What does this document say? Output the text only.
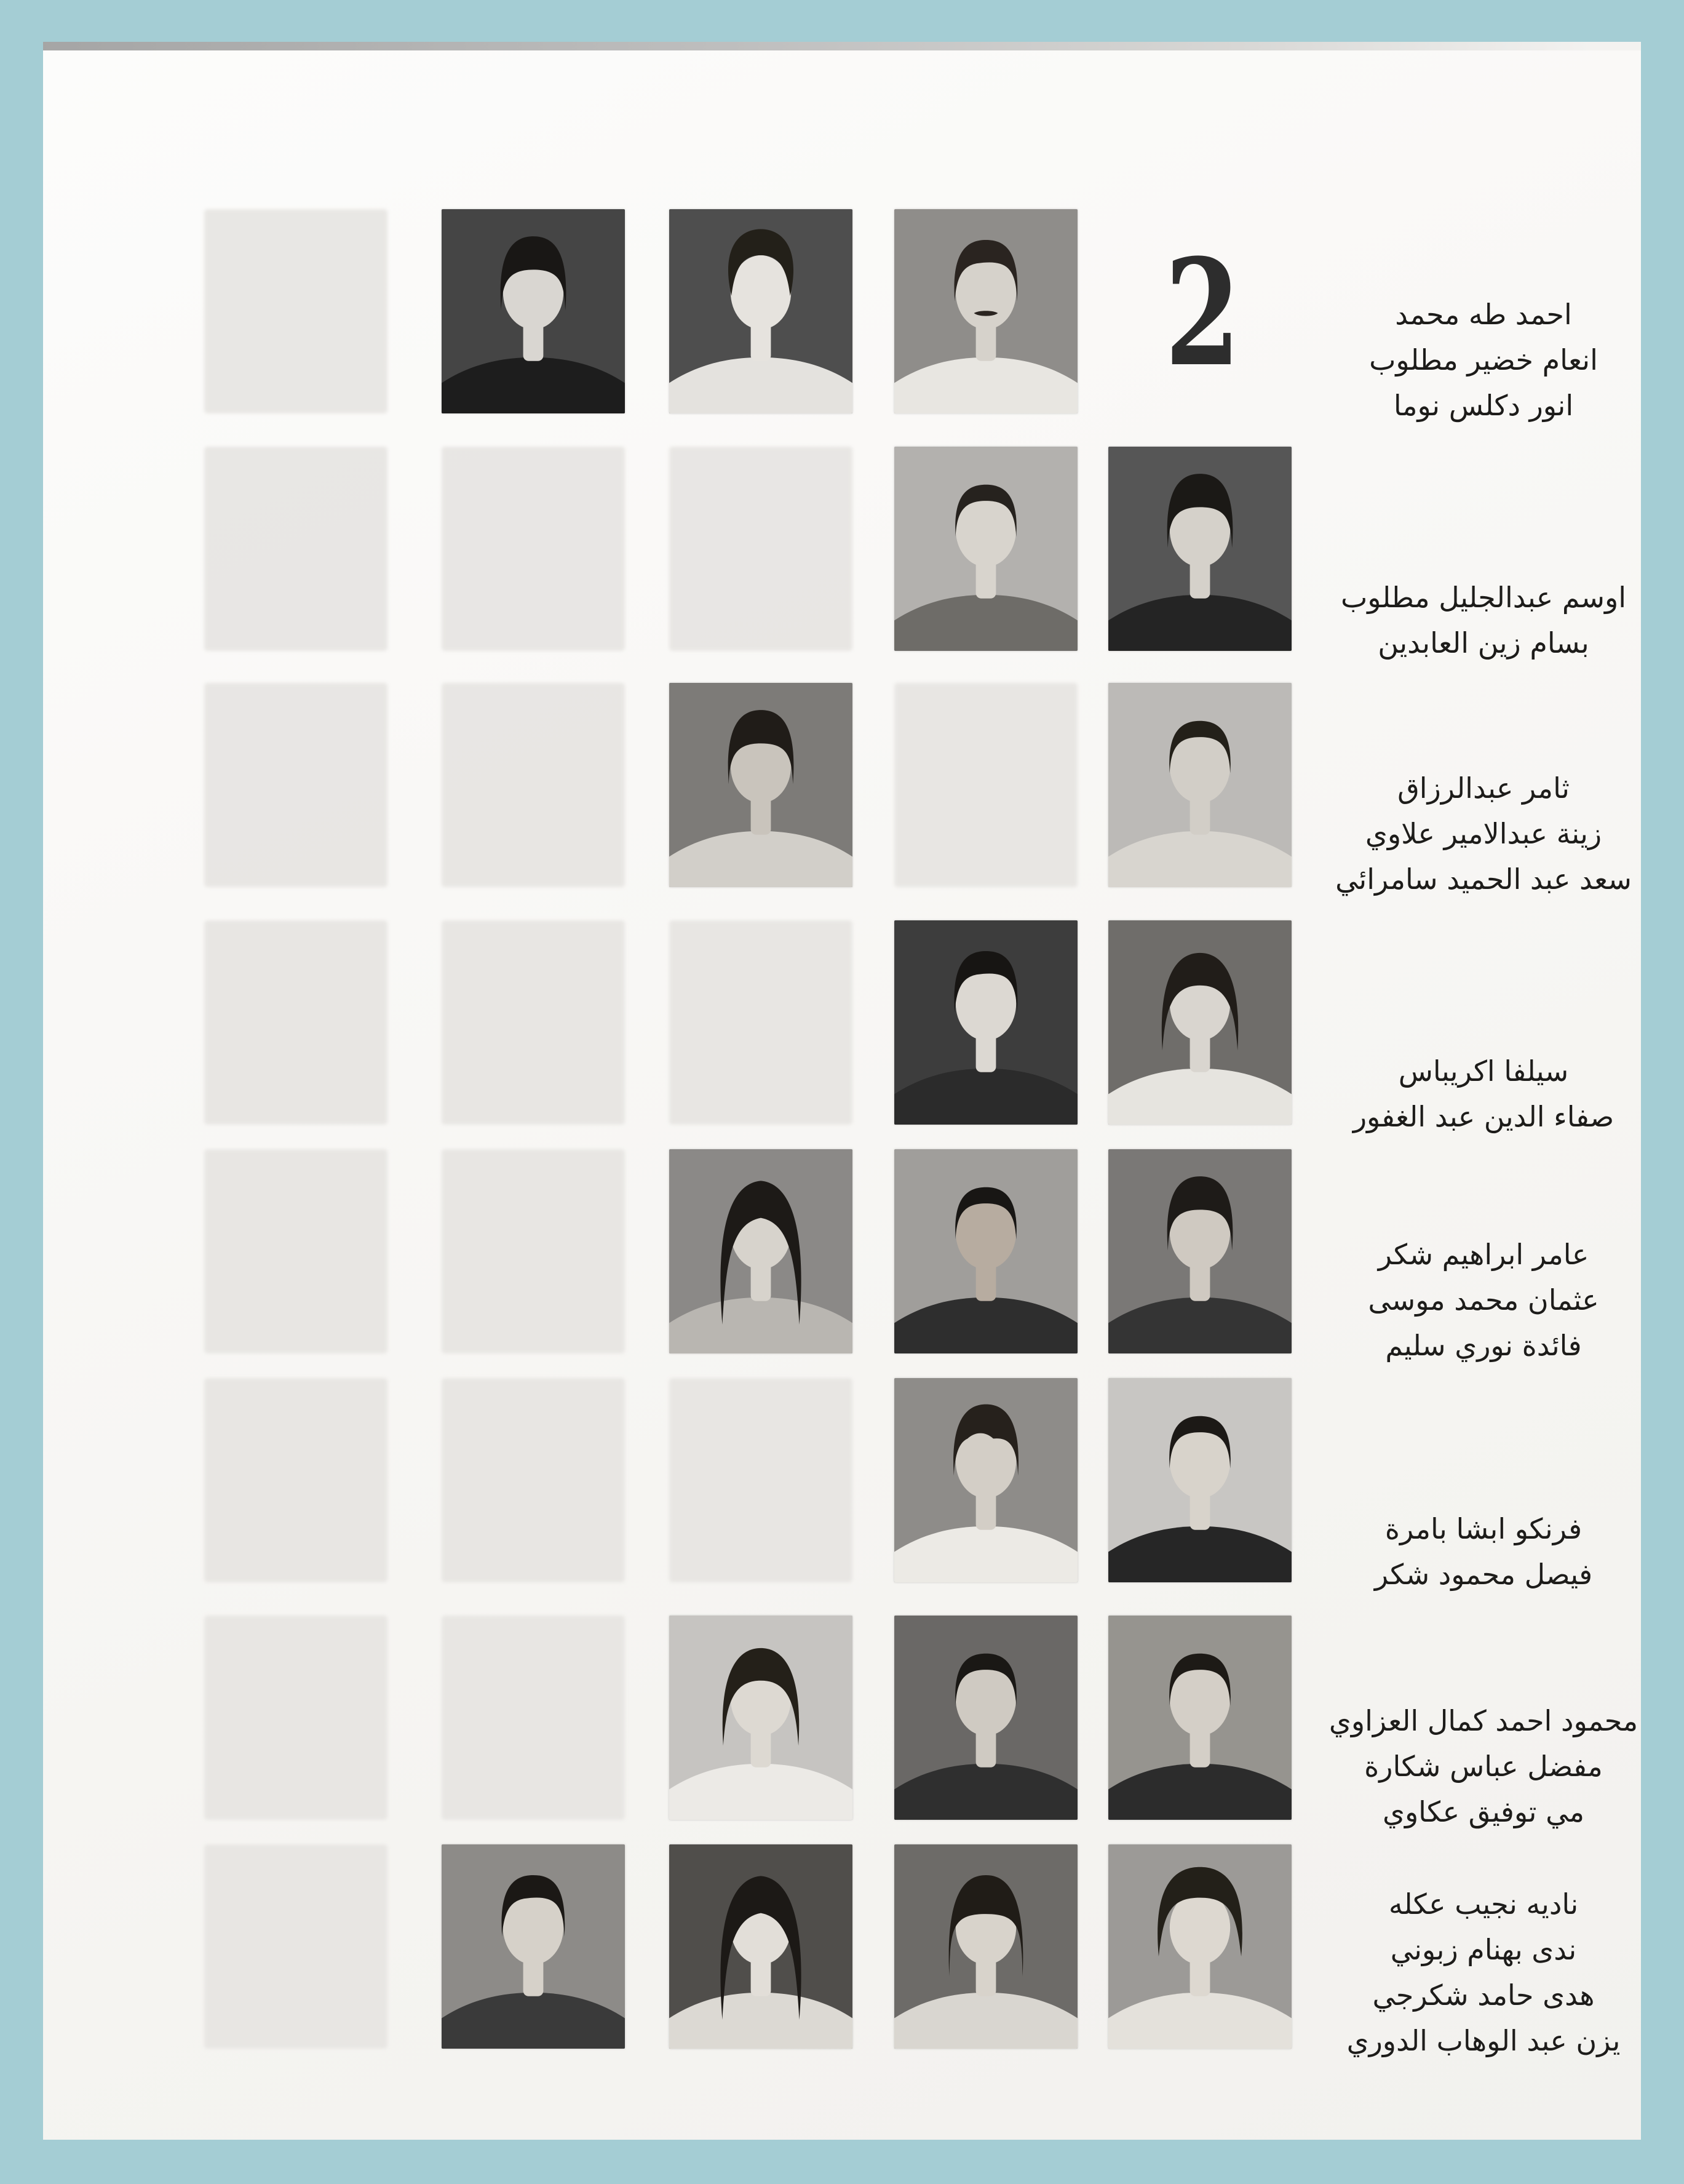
احمد طه محمد
انعام خضير مطلوب
انور دكلس نوما
اوسم عبدالجليل مطلوب
بسام زين العابدين
ثامر عبدالرزاق
زينة عبدالامير علاوي
سعد عبد الحميد سامرائي
سيلفا اكريباس
صفاء الدين عبد الغفور
عامر ابراهيم شكر
عثمان محمد موسى
فائدة نوري سليم
فرنكو ابشا بامرة
فيصل محمود شكر
محمود احمد كمال العزاوي
مفضل عباس شكارة
مي توفيق عكاوي
ناديه نجيب عكله
ندى بهنام زبوني
هدى حامد شكرجي
يزن عبد الوهاب الدوري
2
